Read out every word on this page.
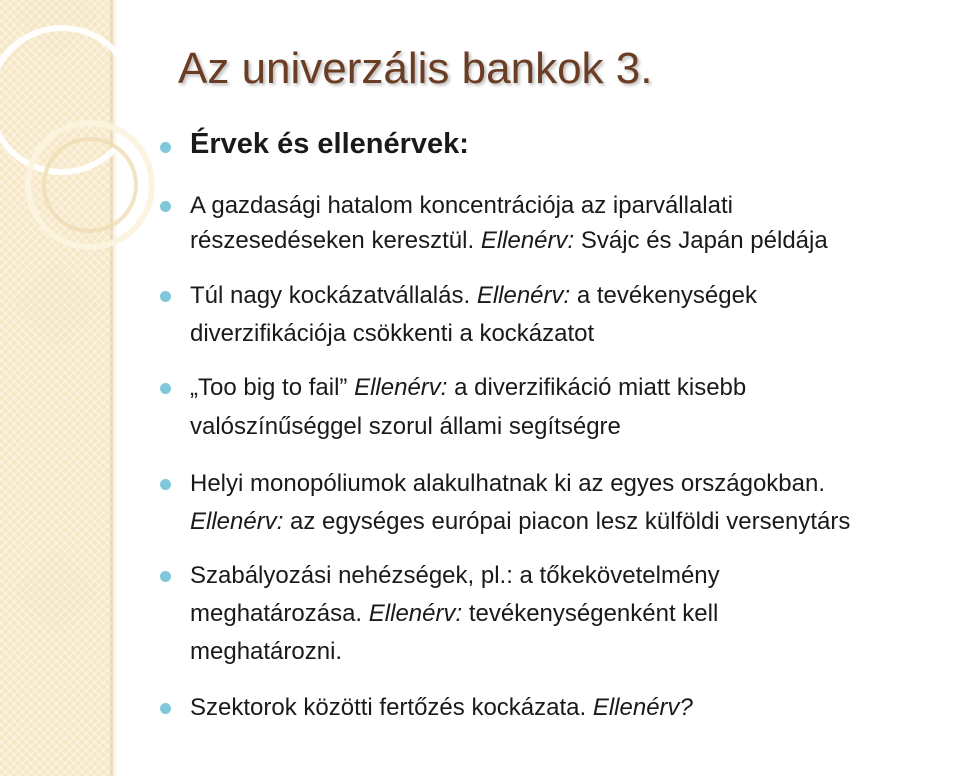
Az univerzális bankok 3.
Érvek és ellenérvek:
A gazdasági hatalom koncentrációja az iparvállalati
részesedéseken keresztül. Ellenérv: Svájc és Japán példája
Túl nagy kockázatvállalás. Ellenérv: a tevékenységek
diverzifikációja csökkenti a kockázatot
„Too big to fail” Ellenérv: a diverzifikáció miatt kisebb
valószínűséggel szorul állami segítségre
Helyi monopóliumok alakulhatnak ki az egyes országokban.
Ellenérv: az egységes európai piacon lesz külföldi versenytárs
Szabályozási nehézségek, pl.: a tőkekövetelmény
meghatározása. Ellenérv: tevékenységenként kell
meghatározni.
Szektorok közötti fertőzés kockázata. Ellenérv?
